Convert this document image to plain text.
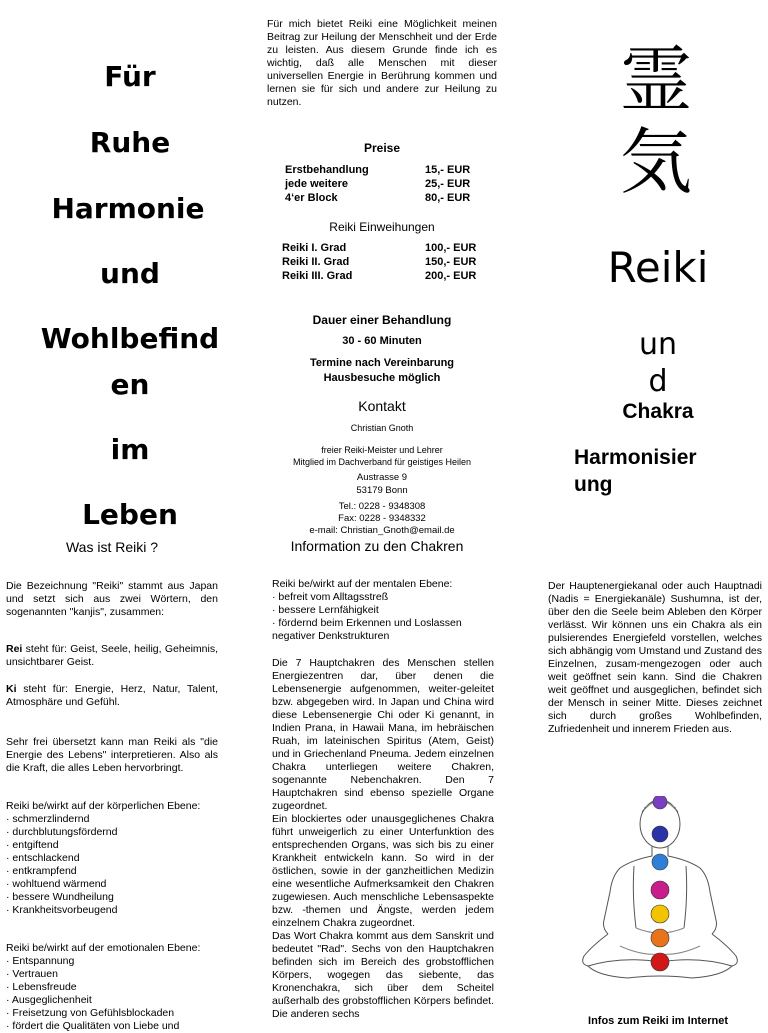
Für
Ruhe
Harmonie
und
Wohlbefind
en
im
Leben
Was ist Reiki ?
Die Bezeichnung "Reiki" stammt aus Japan und setzt sich aus zwei Wörtern, den sogenannten "kanjis", zusammen:
Rei steht für: Geist, Seele, heilig, Geheimnis, unsichtbarer Geist.
Ki steht für: Energie, Herz, Natur, Talent, Atmosphäre und Gefühl.
Sehr frei übersetzt kann man Reiki als "die Energie des Lebens" interpretieren. Also als die Kraft, die alles Leben hervorbringt.
Reiki be/wirkt auf der körperlichen Ebene:
· schmerzlindernd
· durchblutungsfördernd
· entgiftend
· entschlackend
· entkrampfend
· wohltuend wärmend
· bessere Wundheilung
· Krankheitsvorbeugend
Reiki be/wirkt auf der emotionalen Ebene:
· Entspannung
· Vertrauen
· Lebensfreude
· Ausgeglichenheit
· Freisetzung von Gefühlsblockaden
· fördert die Qualitäten von Liebe und
Für mich bietet Reiki eine Möglichkeit meinen Beitrag zur Heilung der Menschheit und der Erde zu leisten. Aus diesem Grunde finde ich es wichtig, daß alle Menschen mit dieser universellen Energie in Berührung kommen und lernen sie für sich und andere zur Heilung zu nutzen.
Preise
Erstbehandlung	15,- EUR
jede weitere	25,- EUR
4‘er Block	80,- EUR
Reiki Einweihungen
Reiki I. Grad	100,- EUR
Reiki II. Grad	150,- EUR
Reiki III. Grad	200,- EUR
Dauer einer Behandlung
30 - 60 Minuten
Termine nach Vereinbarung
Hausbesuche möglich
Kontakt
Christian Gnoth
freier Reiki-Meister und Lehrer
Mitglied im Dachverband für geistiges Heilen
Austrasse 9
53179 Bonn
Tel.: 0228 - 9348308
Fax: 0228 - 9348332
e-mail: Christian_Gnoth@email.de
Information zu den Chakren
Reiki be/wirkt auf der mentalen Ebene:
· befreit vom Alltagsstreß
· bessere Lernfähigkeit
· fördernd beim Erkennen und Loslassen negativer Denkstrukturen
Die 7 Hauptchakren des Menschen stellen Energiezentren dar, über denen die Lebensenergie aufgenommen, weiter-geleitet bzw. abgegeben wird. In Japan und China wird diese Lebensenergie Chi oder Ki genannt, in Indien Prana, in Hawaii Mana, im hebräischen Ruah, im lateinischen Spiritus (Atem, Geist) und in Griechenland Pneuma. Jedem einzelnen Chakra unterliegen weitere Chakren, sogenannte Nebenchakren. Den 7 Hauptchakren sind ebenso spezielle Organe zugeordnet.
Ein blockiertes oder unausgeglichenes Chakra führt unweigerlich zu einer Unterfunktion des entsprechenden Organs, was sich bis zu einer Krankheit entwickeln kann. So wird in der östlichen, sowie in der ganzheitlichen Medizin eine wesentliche Aufmerksamkeit den Chakren zugewiesen. Auch menschliche Lebensaspekte bzw. -themen und Ängste, werden jedem einzelnem Chakra zugeordnet.
Das Wort Chakra kommt aus dem Sanskrit und bedeutet "Rad". Sechs von den Hauptchakren befinden sich im Bereich des grobstofflichen Körpers, wogegen das siebente, das Kronenchakra, sich über dem Scheitel außerhalb des grobstofflichen Körpers befindet. Die anderen sechs
霊
気
Reiki
un
d
Chakra
Harmonisier
ung
Der Hauptenergiekanal oder auch Hauptnadi (Nadis = Energiekanäle) Sushumna, ist der, über den die Seele beim Ableben den Körper verlässt. Wir können uns ein Chakra als ein pulsierendes Energiefeld vorstellen, welches sich abhängig vom Umstand und Zustand des Einzelnen, zusam-mengezogen oder auch weit geöffnet sein kann. Sind die Chakren weit geöffnet und ausgeglichen, befindet sich der Mensch in seiner Mitte. Dieses zeichnet sich durch großes Wohlbefinden, Zufriedenheit und innerem Frieden aus.
Infos zum Reiki im Internet
